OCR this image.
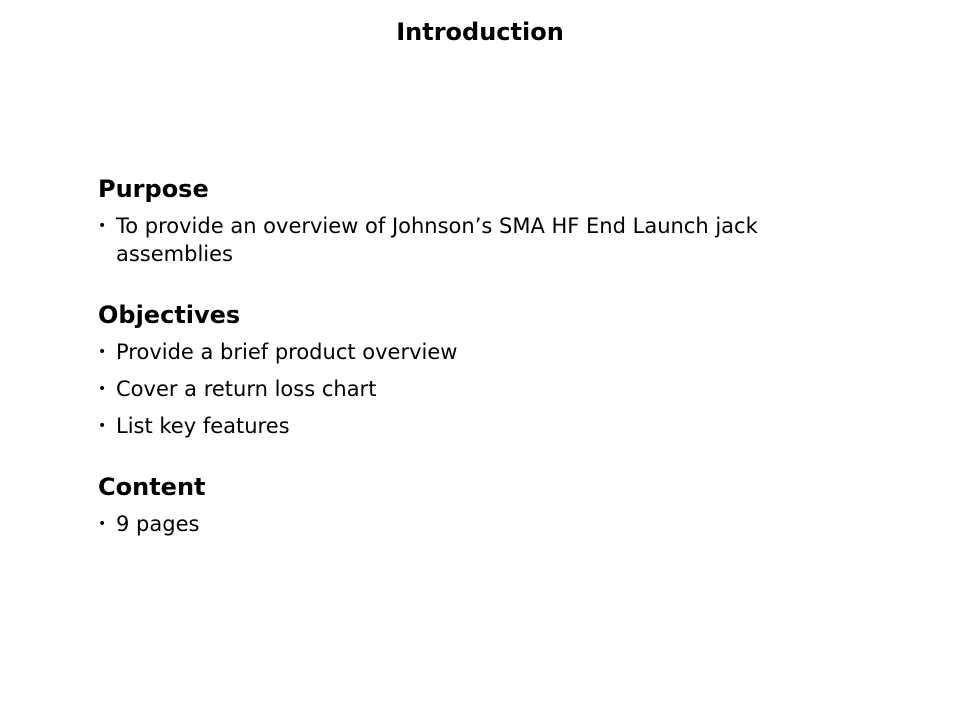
Introduction
Purpose
• To provide an overview of Johnson’s SMA HF End Launch jack assemblies
Objectives
• Provide a brief product overview
• Cover a return loss chart
• List key features
Content
• 9 pages
